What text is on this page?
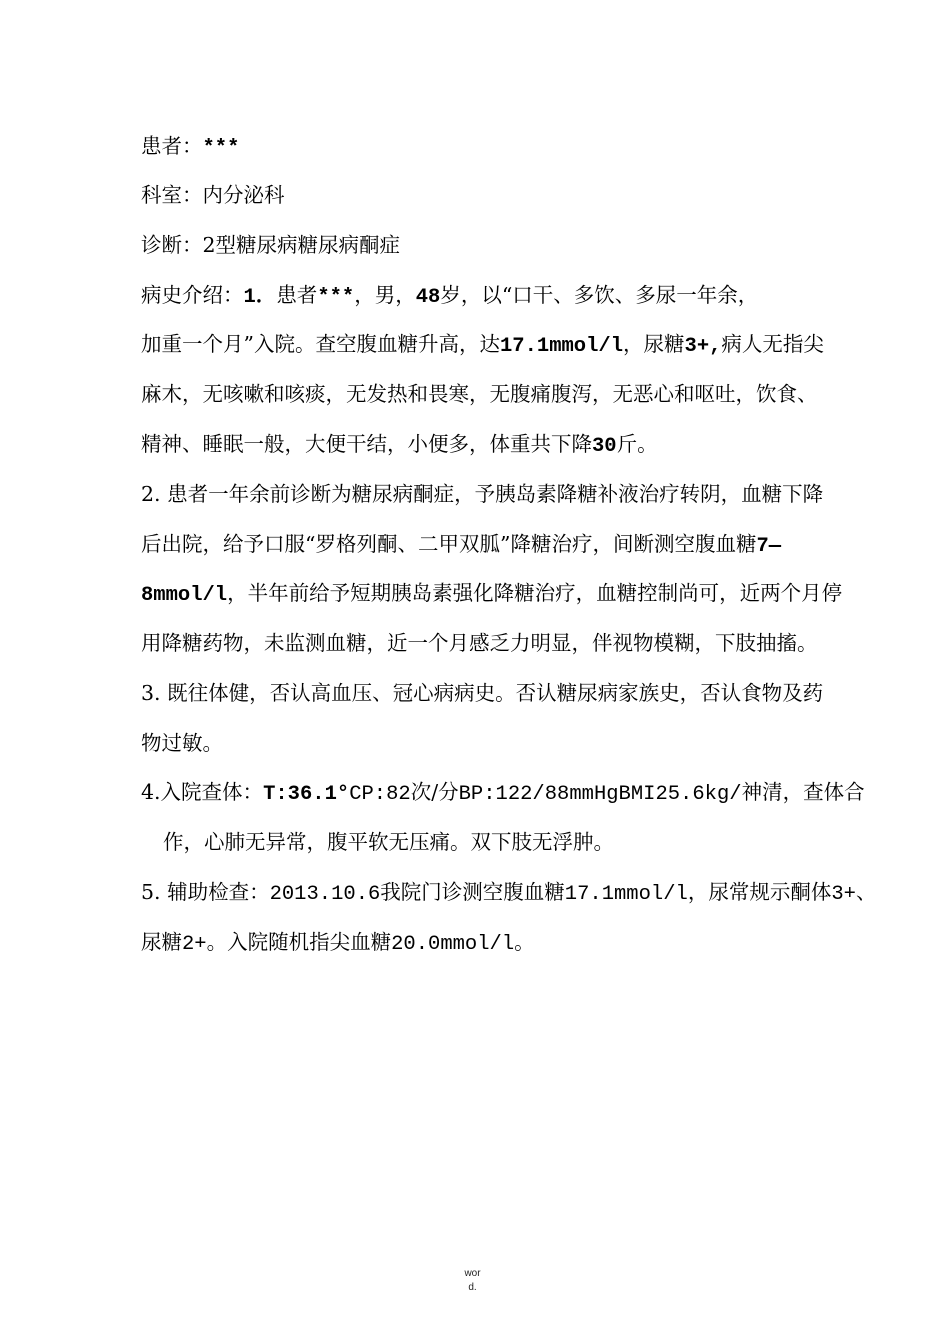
患者：***
科室：内分泌科
诊断：2型糖尿病糖尿病酮症
病史介绍：1．患者***，男，48岁，以“口干、多饮、多尿一年余，
加重一个月”入院。查空腹血糖升高，达17.1mmol/l，尿糖3+,病人无指尖
麻木，无咳嗽和咳痰，无发热和畏寒，无腹痛腹泻，无恶心和呕吐，饮食、
精神、睡眠一般，大便干结，小便多，体重共下降30斤。
2. 患者一年余前诊断为糖尿病酮症，予胰岛素降糖补液治疗转阴，血糖下降
后出院，给予口服“罗格列酮、二甲双胍”降糖治疗，间断测空腹血糖7—
8mmol/l，半年前给予短期胰岛素强化降糖治疗，血糖控制尚可，近两个月停
用降糖药物，未监测血糖，近一个月感乏力明显，伴视物模糊，下肢抽搐。
3. 既往体健，否认高血压、冠心病病史。否认糖尿病家族史，否认食物及药
物过敏。
4.入院查体：T:36.1°CP:82次/分BP:122/88mmHgBMI25.6kg/神清，查体合
作，心肺无异常，腹平软无压痛。双下肢无浮肿。
5. 辅助检查：2013.10.6我院门诊测空腹血糖17.1mmol/l，尿常规示酮体3+、
尿糖2+。入院随机指尖血糖20.0mmol/l。
wor
d.
